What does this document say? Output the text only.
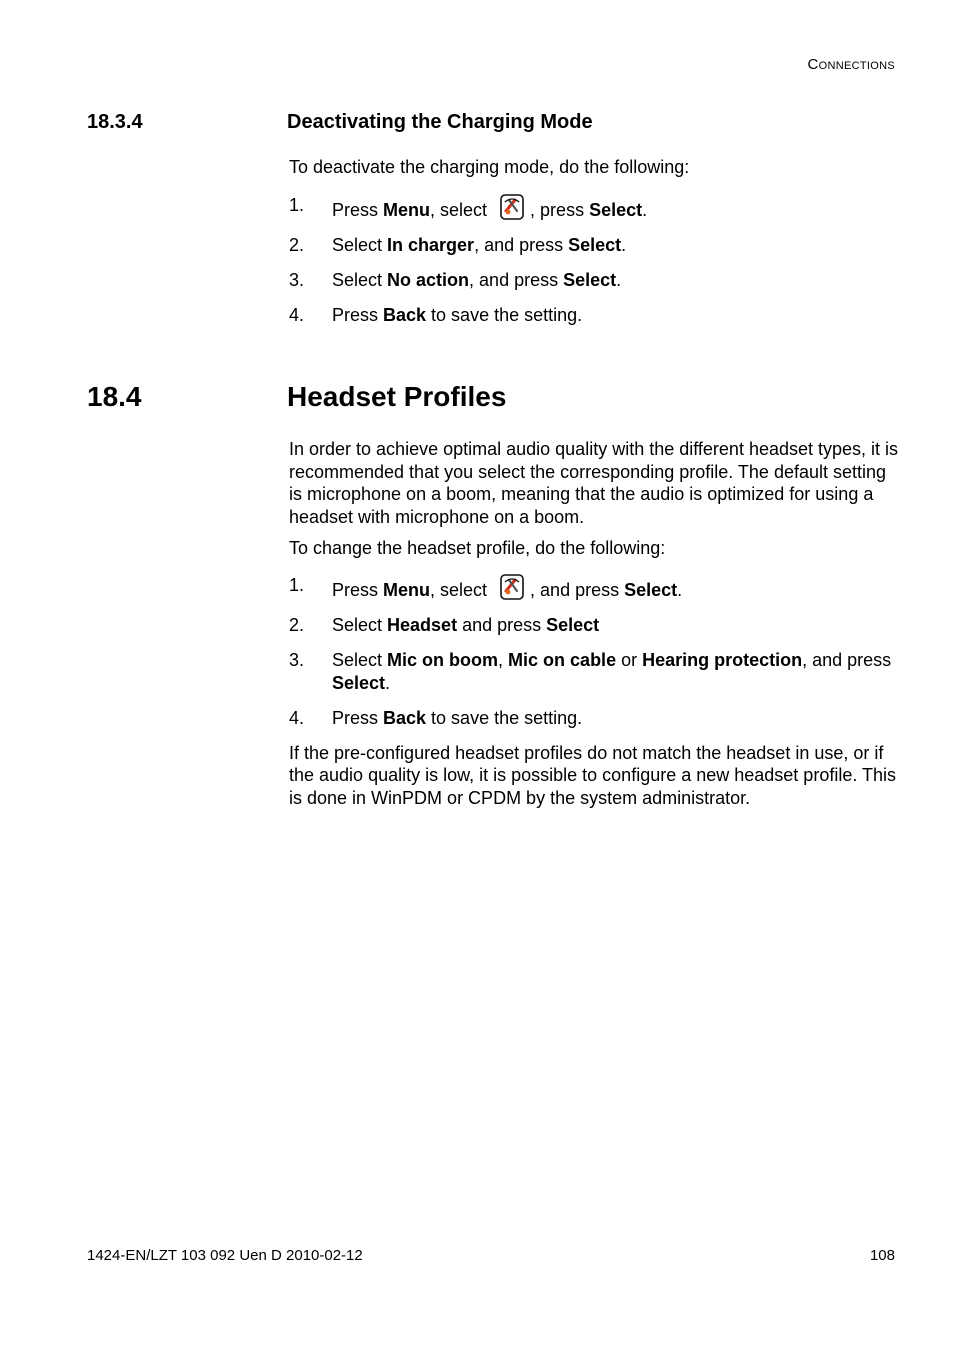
Connections
18.3.4	Deactivating the Charging Mode

To deactivate the charging mode, do the following:

1. Press Menu, select , press Select.
2. Select In charger, and press Select.
3. Select No action, and press Select.
4. Press Back to save the setting.
18.4	Headset Profiles

In order to achieve optimal audio quality with the different headset types, it is recommended that you select the corresponding profile. The default setting is microphone on a boom, meaning that the audio is optimized for using a headset with microphone on a boom.

To change the headset profile, do the following:

1. Press Menu, select , and press Select.
2. Select Headset and press Select
3. Select Mic on boom, Mic on cable or Hearing protection, and press Select.
4. Press Back to save the setting.

If the pre-configured headset profiles do not match the headset in use, or if the audio quality is low, it is possible to configure a new headset profile. This is done in WinPDM or CPDM by the system administrator.

1424-EN/LZT 103 092 Uen D 2010-02-12	108
